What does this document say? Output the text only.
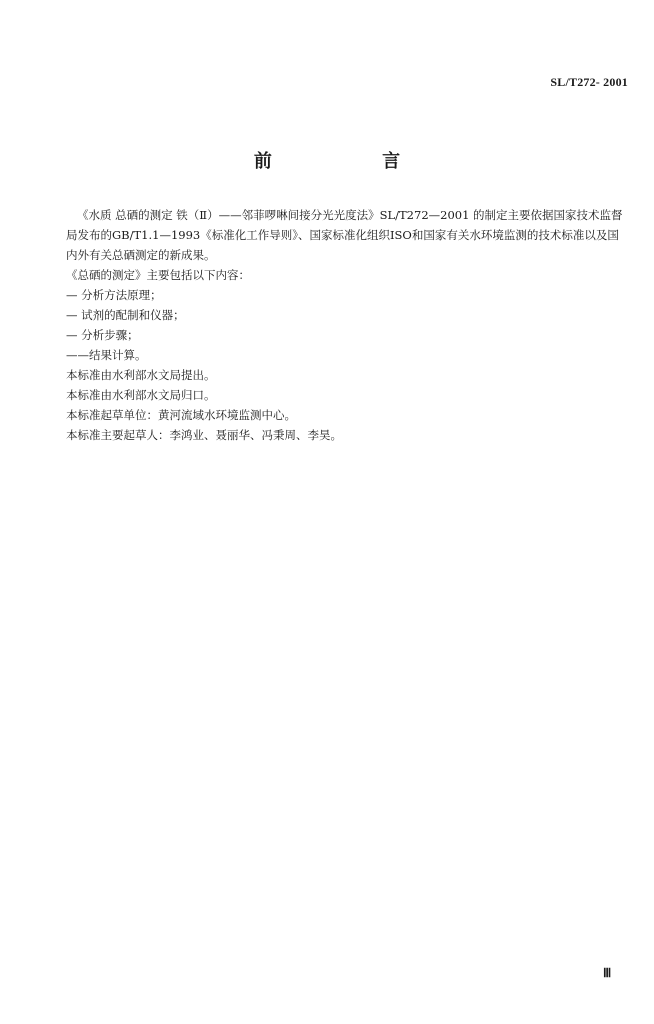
SL/T272- 2001
前 言

《水质 总硒的测定 铁（Ⅱ）——邻菲啰啉间接分光光度法》SL/T272—2001 的制定主要依据国家技术监督局发布的GB/T1.1—1993《标准化工作导则》、国家标准化组织ISO和国家有关水环境监测的技术标准以及国内外有关总硒测定的新成果。

《总硒的测定》主要包括以下内容：

— 分析方法原理；

— 试剂的配制和仪器；

— 分析步骤；

——结果计算。

本标准由水利部水文局提出。

本标准由水利部水文局归口。

本标准起草单位：黄河流域水环境监测中心。

本标准主要起草人：李鸿业、聂丽华、冯秉周、李昊。

Ⅲ
